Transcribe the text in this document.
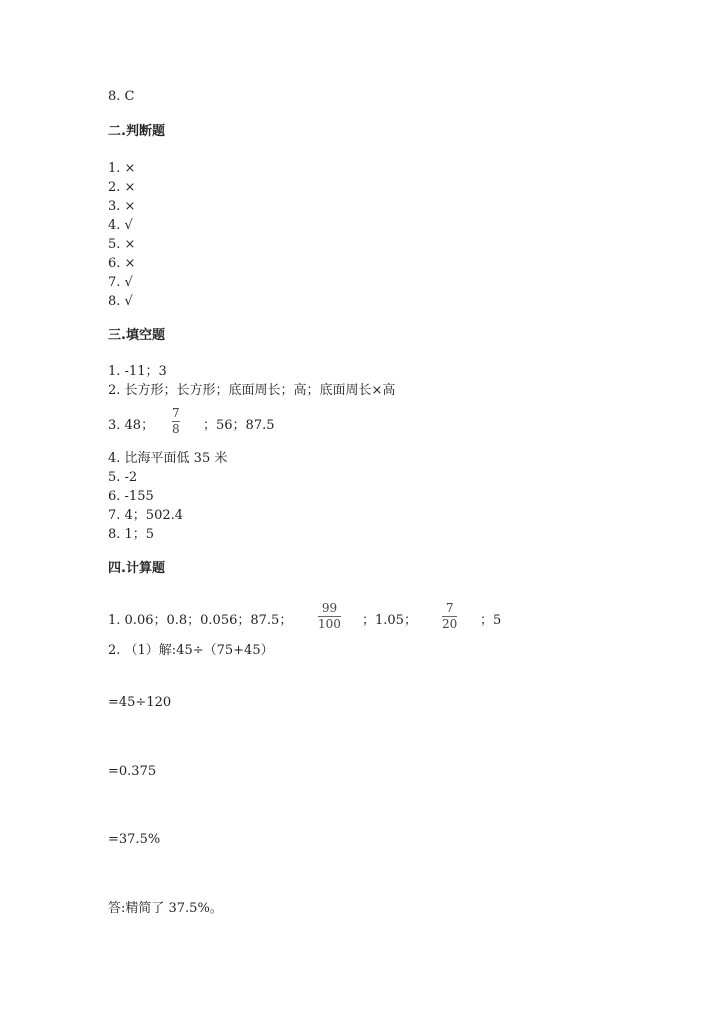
8. C
二.判断题
1. ×
2. ×
3. ×
4. √
5. ×
6. ×
7. √
8. √
三.填空题
1. -11；3
2. 长方形；长方形；底面周长；高；底面周长×高
3. 48；
7
8 ；56；87.5
4. 比海平面低 35 米
5. -2
6. -155
7. 4；502.4
8. 1；5
四.计算题
1. 0.06；0.8；0.056；87.5；
99
100 ；1.05；
7
20 ；5
2. （1）解:45÷（75+45）
=45÷120
=0.375
=37.5%
答:精简了 37.5%。
